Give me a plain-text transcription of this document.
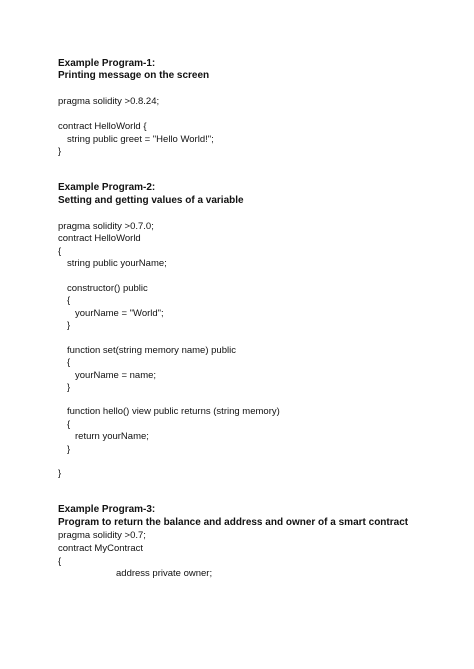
Example Program-1:

Printing message on the screen

pragma solidity >0.8.24;

contract HelloWorld {

string public greet = "Hello World!";

}

Example Program-2:

Setting and getting values of a variable

pragma solidity >0.7.0;

contract HelloWorld

{

string public yourName;

constructor() public

{

yourName = "World";

}

function set(string memory name) public

{

yourName = name;

}

function hello() view public returns (string memory)

{

return yourName;

}

}

Example Program-3:

Program to return the balance and address and owner of a smart contract

pragma solidity >0.7;

contract MyContract

{

address private owner;
